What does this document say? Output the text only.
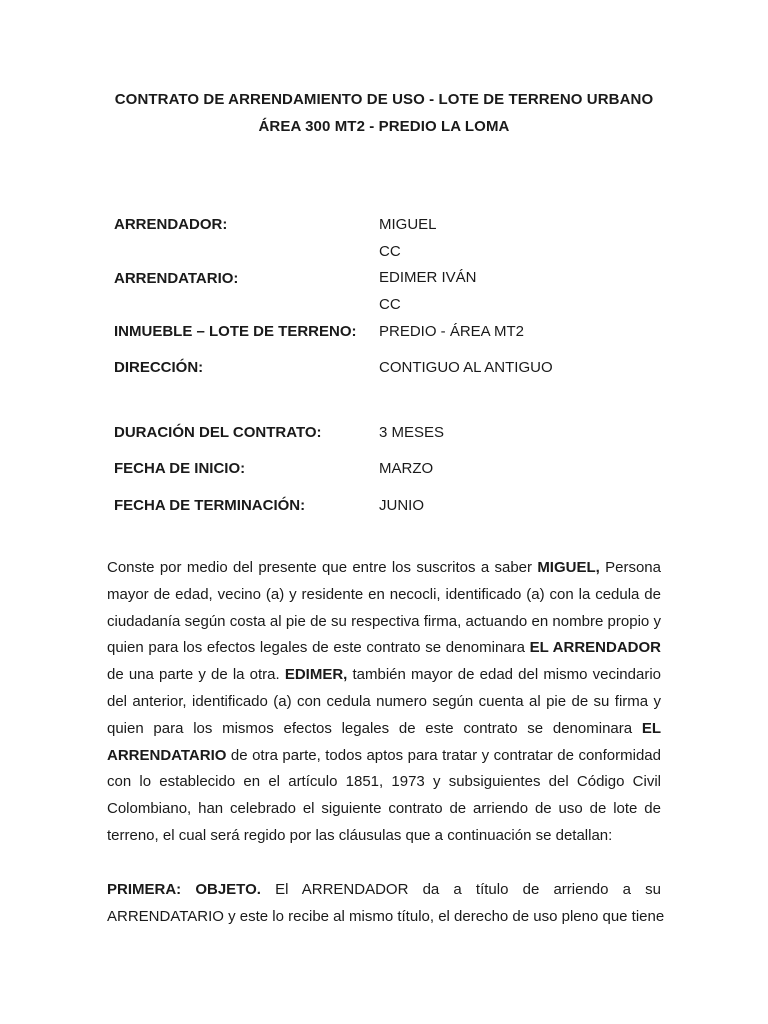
CONTRATO DE ARRENDAMIENTO DE USO - LOTE DE TERRENO URBANO
ÁREA 300 MT2 - PREDIO LA LOMA
ARRENDADOR:	MIGUEL
CC
ARRENDATARIO:	EDIMER IVÁN
CC
INMUEBLE – LOTE DE TERRENO: PREDIO - ÁREA MT2
DIRECCIÓN:	CONTIGUO AL ANTIGUO
DURACIÓN DEL CONTRATO:	3 MESES
FECHA DE INICIO:	MARZO
FECHA DE TERMINACIÓN:	JUNIO
Conste por medio del presente que entre los suscritos a saber MIGUEL, Persona
mayor de edad, vecino (a) y residente en necocli, identificado (a) con la cedula de
ciudadanía según costa al pie de su respectiva firma, actuando en nombre propio y
quien para los efectos legales de este contrato se denominara EL ARRENDADOR
de una parte y de la otra. EDIMER, también mayor de edad del mismo vecindario
del anterior, identificado (a) con cedula numero según cuenta al pie de su firma y
quien para los mismos efectos legales de este contrato se denominara EL
ARRENDATARIO de otra parte, todos aptos para tratar y contratar de conformidad
con lo establecido en el artículo 1851, 1973 y subsiguientes del Código Civil
Colombiano, han celebrado el siguiente contrato de arriendo de uso de lote de
terreno, el cual será regido por las cláusulas que a continuación se detallan:
PRIMERA: OBJETO. El ARRENDADOR da a título de arriendo a su
ARRENDATARIO y este lo recibe al mismo título, el derecho de uso pleno que tiene
